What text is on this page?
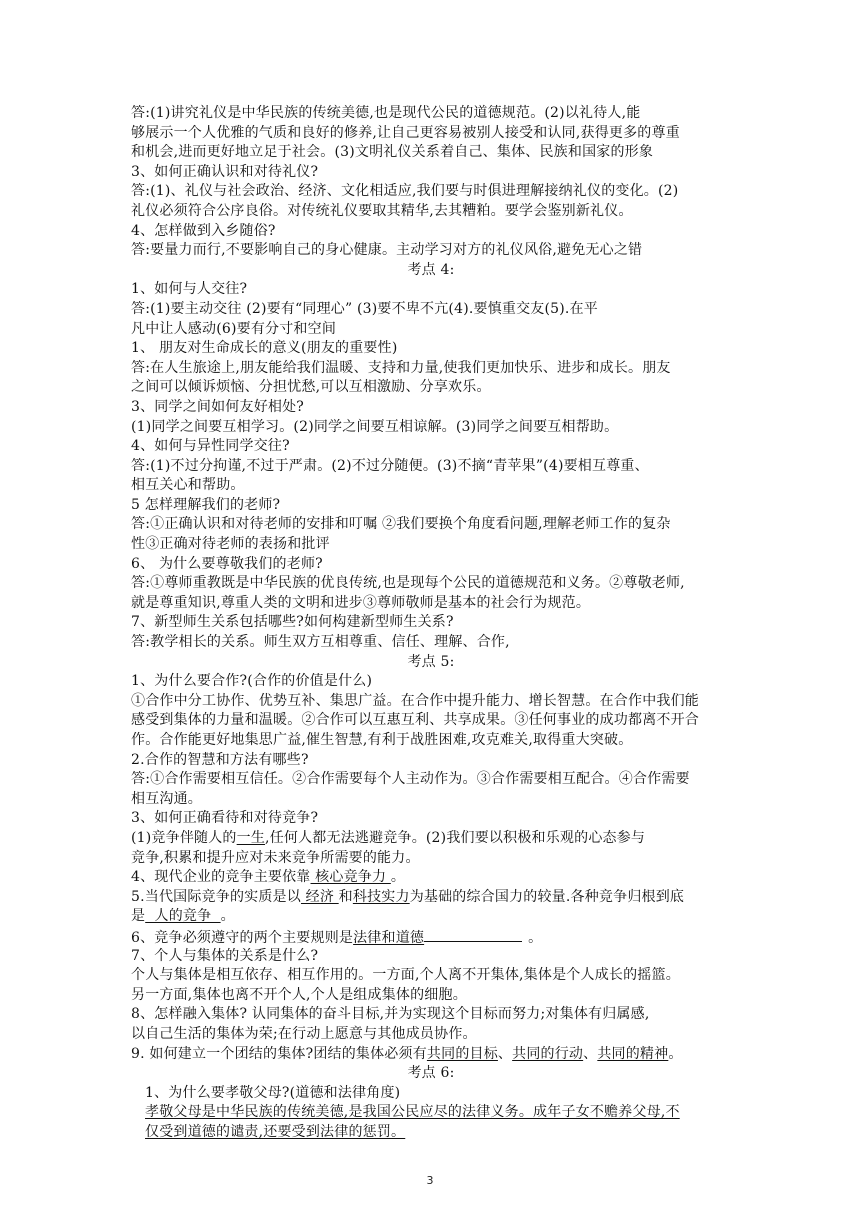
答:(1)讲究礼仪是中华民族的传统美德,也是现代公民的道德规范。(2)以礼待人,能
够展示一个人优雅的气质和良好的修养,让自己更容易被别人接受和认同,获得更多的尊重
和机会,进而更好地立足于社会。(3)文明礼仪关系着自己、集体、民族和国家的形象
3、如何正确认识和对待礼仪?
答:(1)、礼仪与社会政治、经济、文化相适应,我们要与时俱进理解接纳礼仪的变化。(2)
礼仪必须符合公序良俗。对传统礼仪要取其精华,去其糟粕。要学会鉴别新礼仪。
4、怎样做到入乡随俗?
答:要量力而行,不要影响自己的身心健康。主动学习对方的礼仪风俗,避免无心之错
考点 4:
1、如何与人交往?
答:(1)要主动交往 (2)要有“同理心” (3)要不卑不亢(4).要慎重交友(5).在平
凡中让人感动(6)要有分寸和空间
1、 朋友对生命成长的意义(朋友的重要性)
答:在人生旅途上,朋友能给我们温暖、支持和力量,使我们更加快乐、进步和成长。朋友
之间可以倾诉烦恼、分担忧愁,可以互相激励、分享欢乐。
3、同学之间如何友好相处?
(1)同学之间要互相学习。(2)同学之间要互相谅解。(3)同学之间要互相帮助。
4、如何与异性同学交往?
答:(1)不过分拘谨,不过于严肃。(2)不过分随便。(3)不摘“青苹果”(4)要相互尊重、
相互关心和帮助。
5 怎样理解我们的老师?
答:①正确认识和对待老师的安排和叮嘱 ②我们要换个角度看问题,理解老师工作的复杂
性③正确对待老师的表扬和批评
6、 为什么要尊敬我们的老师?
答:①尊师重教既是中华民族的优良传统,也是现每个公民的道德规范和义务。②尊敬老师,
就是尊重知识,尊重人类的文明和进步③尊师敬师是基本的社会行为规范。
7、新型师生关系包括哪些?如何构建新型师生关系?
答:教学相长的关系。师生双方互相尊重、信任、理解、合作,
考点 5:
1、为什么要合作?(合作的价值是什么)
①合作中分工协作、优势互补、集思广益。在合作中提升能力、增长智慧。在合作中我们能
感受到集体的力量和温暖。②合作可以互惠互利、共享成果。③任何事业的成功都离不开合
作。合作能更好地集思广益,催生智慧,有利于战胜困难,攻克难关,取得重大突破。
2.合作的智慧和方法有哪些?
答:①合作需要相互信任。②合作需要每个人主动作为。③合作需要相互配合。④合作需要
相互沟通。
3、如何正确看待和对待竞争?
(1)竞争伴随人的一生,任何人都无法逃避竞争。(2)我们要以积极和乐观的心态参与
竞争,积累和提升应对未来竞争所需要的能力。
4、现代企业的竞争主要依靠 核心竞争力 。
5.当代国际竞争的实质是以 经济 和科技实力为基础的综合国力的较量.各种竞争归根到底
是  人的竞争  。
6、竞争必须遵守的两个主要规则是法律和道德	。
7、个人与集体的关系是什么?
个人与集体是相互依存、相互作用的。一方面,个人离不开集体,集体是个人成长的摇篮。
另一方面,集体也离不开个人,个人是组成集体的细胞。
8、怎样融入集体? 认同集体的奋斗目标,并为实现这个目标而努力;对集体有归属感,
以自己生活的集体为荣;在行动上愿意与其他成员协作。
9. 如何建立一个团结的集体?团结的集体必须有共同的目标、共同的行动、共同的精神。
考点 6:
1、为什么要孝敬父母?(道德和法律角度)
孝敬父母是中华民族的传统美德,是我国公民应尽的法律义务。成年子女不赡养父母,不
仅受到道德的谴责,还要受到法律的惩罚。
3
